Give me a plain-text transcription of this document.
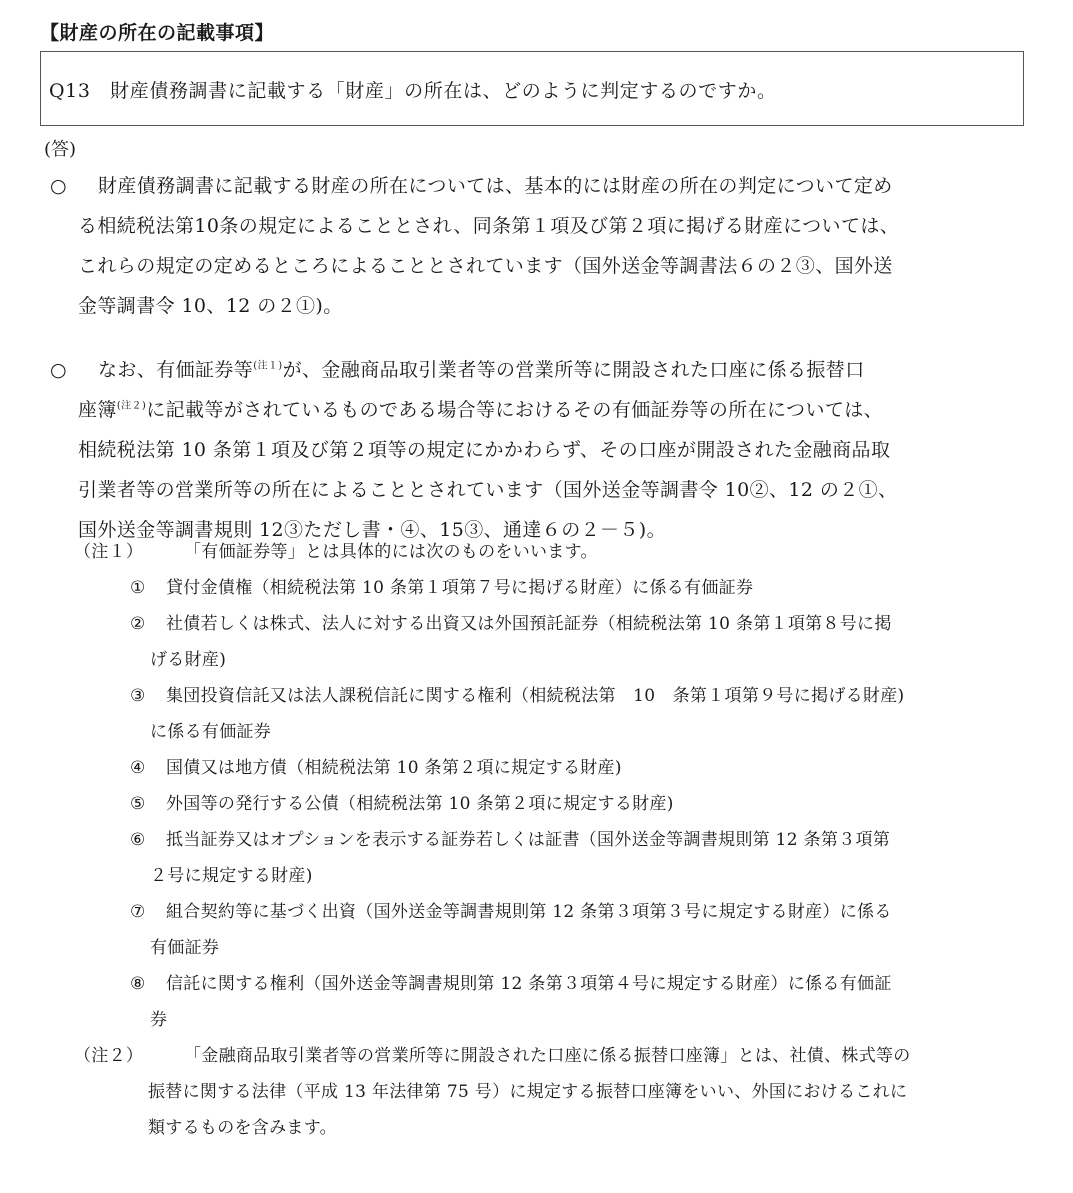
【財産の所在の記載事項】
Q13　財産債務調書に記載する「財産」の所在は、どのように判定するのですか。
(答)
○ 財産債務調書に記載する財産の所在については、基本的には財産の所在の判定について定め
る相続税法第10条の規定によることとされ、同条第１項及び第２項に掲げる財産については、
これらの規定の定めるところによることとされています（国外送金等調書法６の２③、国外送
金等調書令 10、12 の２①)。
○ なお、有価証券等$^{(注1)}$が、金融商品取引業者等の営業所等に開設された口座に係る振替口
座簿$^{(注2)}$に記載等がされているものである場合等におけるその有価証券等の所在については、
相続税法第 10 条第１項及び第２項等の規定にかかわらず、その口座が開設された金融商品取
引業者等の営業所等の所在によることとされています（国外送金等調書令 10②、12 の２①、
国外送金等調書規則 12③ただし書・④、15③、通達６の２－５)。
（注１） 「有価証券等」とは具体的には次のものをいいます。
① 貸付金債権（相続税法第 10 条第１項第７号に掲げる財産）に係る有価証券
② 社債若しくは株式、法人に対する出資又は外国預託証券（相続税法第 10 条第１項第８号に掲
げる財産)
③ 集団投資信託又は法人課税信託に関する権利（相続税法第　10　条第１項第９号に掲げる財産)
に係る有価証券
④ 国債又は地方債（相続税法第 10 条第２項に規定する財産)
⑤ 外国等の発行する公債（相続税法第 10 条第２項に規定する財産)
⑥ 抵当証券又はオプションを表示する証券若しくは証書（国外送金等調書規則第 12 条第３項第
２号に規定する財産)
⑦ 組合契約等に基づく出資（国外送金等調書規則第 12 条第３項第３号に規定する財産）に係る
有価証券
⑧ 信託に関する権利（国外送金等調書規則第 12 条第３項第４号に規定する財産）に係る有価証
券
（注２） 「金融商品取引業者等の営業所等に開設された口座に係る振替口座簿」とは、社債、株式等の
振替に関する法律（平成 13 年法律第 75 号）に規定する振替口座簿をいい、外国におけるこれに
類するものを含みます。
